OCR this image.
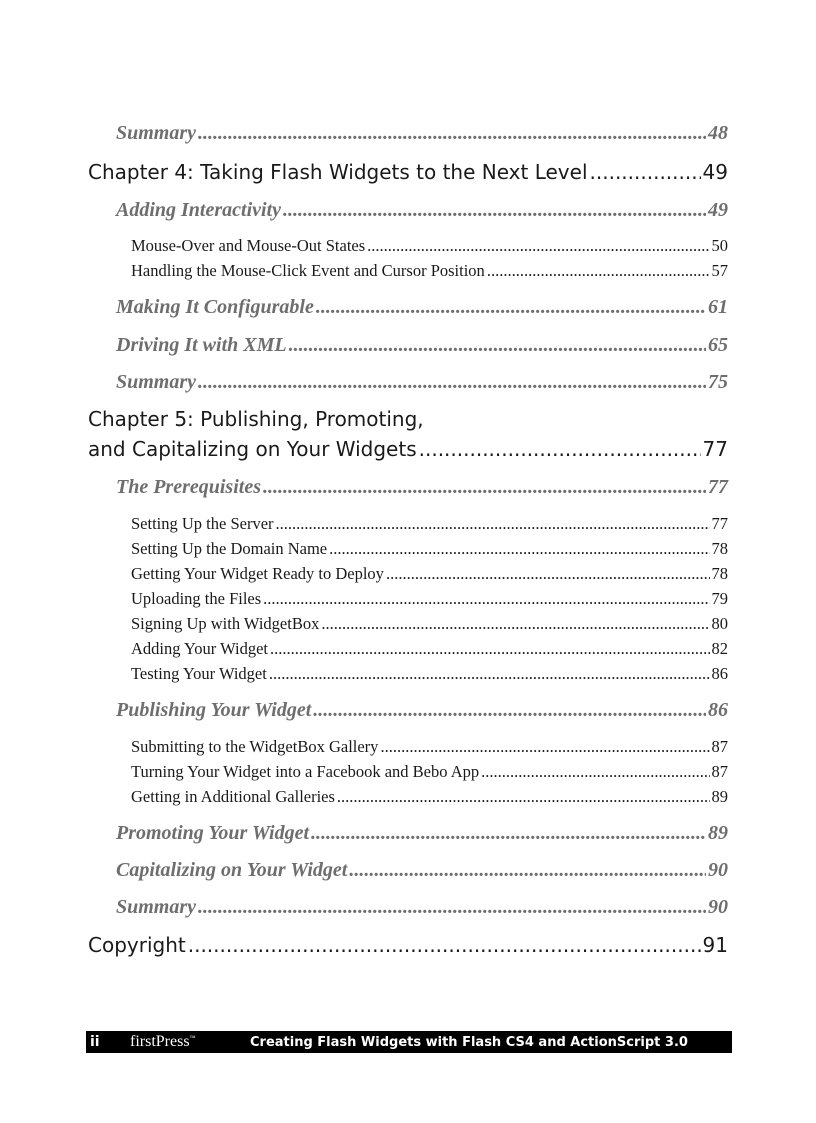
Summary .....	48
Chapter 4: Taking Flash Widgets to the Next Level .....	49
Adding Interactivity .....	49
Mouse-Over and Mouse-Out States .....	50
Handling the Mouse-Click Event and Cursor Position .....	57
Making It Configurable .....	61
Driving It with XML .....	65
Summary .....	75
Chapter 5: Publishing, Promoting,
and Capitalizing on Your Widgets .....	77
The Prerequisites .....	77
Setting Up the Server .....	77
Setting Up the Domain Name .....	78
Getting Your Widget Ready to Deploy .....	78
Uploading the Files .....	79
Signing Up with WidgetBox .....	80
Adding Your Widget .....	82
Testing Your Widget .....	86
Publishing Your Widget .....	86
Submitting to the WidgetBox Gallery .....	87
Turning Your Widget into a Facebook and Bebo App .....	87
Getting in Additional Galleries .....	89
Promoting Your Widget .....	89
Capitalizing on Your Widget .....	90
Summary .....	90
Copyright .....	91
ii	firstPress™	Creating Flash Widgets with Flash CS4 and ActionScript 3.0
